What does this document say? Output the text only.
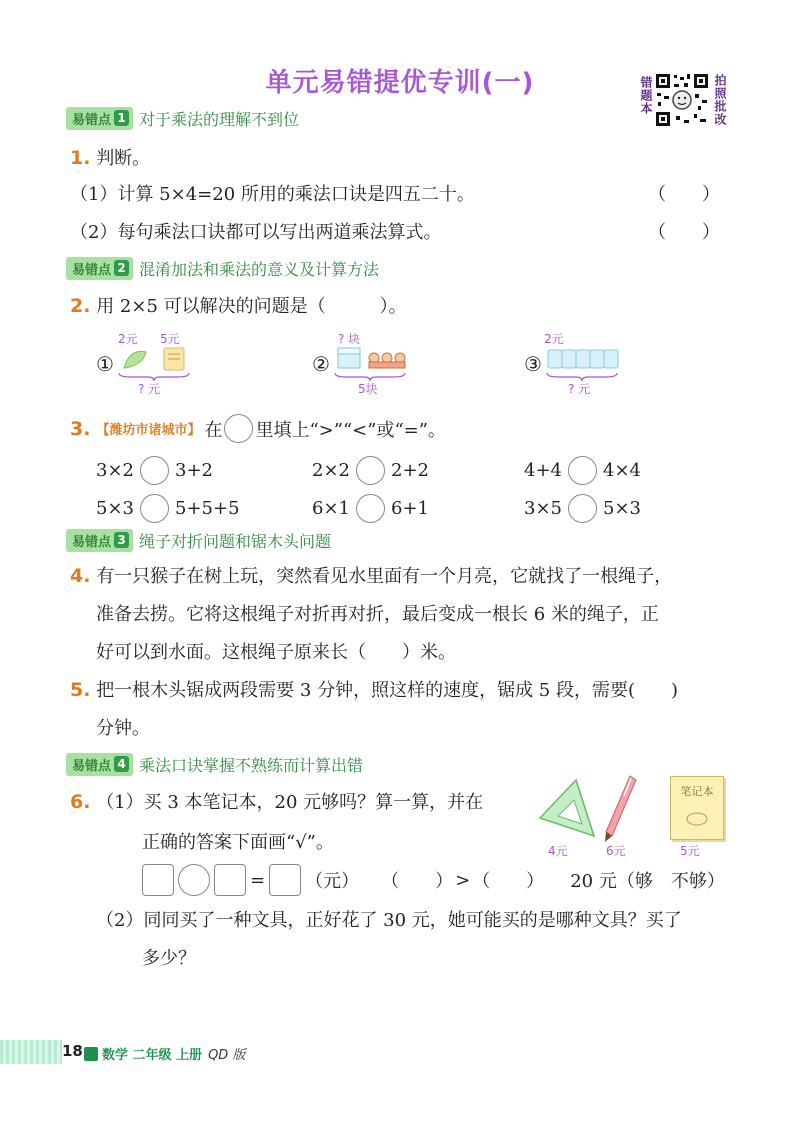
单元易错提优专训(一)	错题本	拍照批改
易错点 1 对于乘法的理解不到位
1. 判断。
（1）计算 5×4=20 所用的乘法口诀是四五二十。	（　　）
（2）每句乘法口诀都可以写出两道乘法算式。	（　　）
易错点 2 混淆加法和乘法的意义及计算方法
2. 用 2×5 可以解决的问题是（　　　）。
①
2元 5元
? 元
②
? 块
5块
③
2元
? 元
3. 【潍坊市诸城市】 在 里填上“>”“<”或“=”。
3×2 3+2	2×2 2+2	4+4 4×4
5×3 5+5+5	6×1 6+1	3×5 5×3
易错点 3 绳子对折问题和锯木头问题
4. 有一只猴子在树上玩，突然看见水里面有一个月亮，它就找了一根绳子，
准备去捞。它将这根绳子对折再对折，最后变成一根长 6 米的绳子，正
好可以到水面。这根绳子原来长（　　）米。
5. 把一根木头锯成两段需要 3 分钟，照这样的速度，锯成 5 段，需要(　　)
分钟。
易错点 4 乘法口诀掌握不熟练而计算出错
6. （1）买 3 本笔记本，20 元够吗？算一算，并在
正确的答案下面画“√”。	4元	6元
笔记本
5元
= （元） （　　） > （　　） 20 元（够　不够）
（2）同同买了一种文具，正好花了 30 元，她可能买的是哪种文具？买了
多少？
18	数学 二年级 上册 QD 版
